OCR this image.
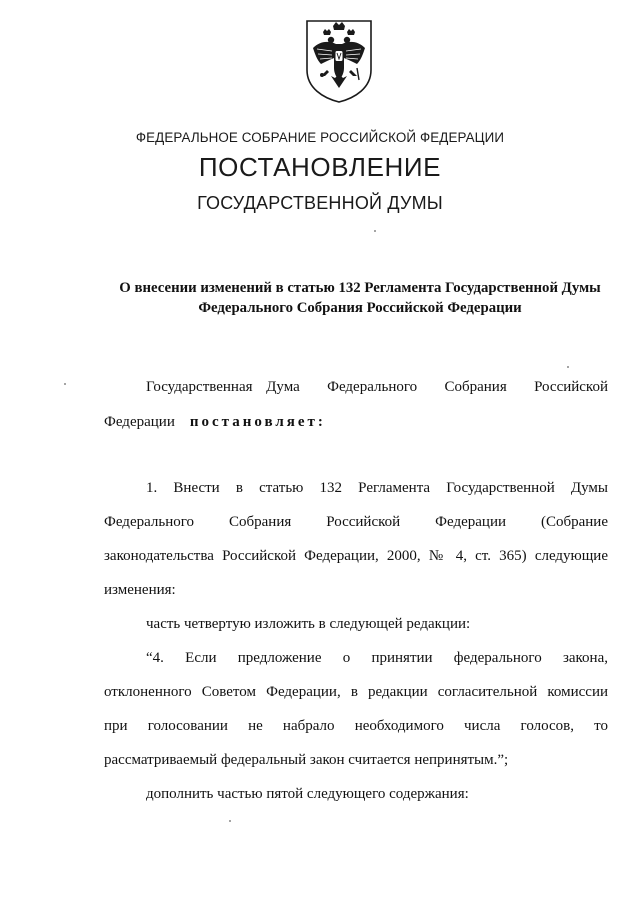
ФЕДЕРАЛЬНОЕ СОБРАНИЕ РОССИЙСКОЙ ФЕДЕРАЦИИ
ПОСТАНОВЛЕНИЕ
ГОСУДАРСТВЕННОЙ ДУМЫ
О внесении изменений в статью 132 Регламента Государственной Думы
Федерального Собрания Российской Федерации
Государственная Дума  Федерального  Собрания  Российской
Федерации постановляет:
1.  Внести  в  статью  132  Регламента  Государственной  Думы
Федерального  Собрания  Российской  Федерации  (Собрание
законодательства Российской Федерации, 2000, № 4, ст. 365) следующие
изменения:
часть четвертую изложить в следующей редакции:
“4.  Если  предложение  о  принятии  федерального  закона,
отклоненного Советом Федерации, в редакции согласительной комиссии
при  голосовании  не  набрало  необходимого  числа  голосов,  то
рассматриваемый федеральный закон считается непринятым.”;
дополнить частью пятой следующего содержания:
